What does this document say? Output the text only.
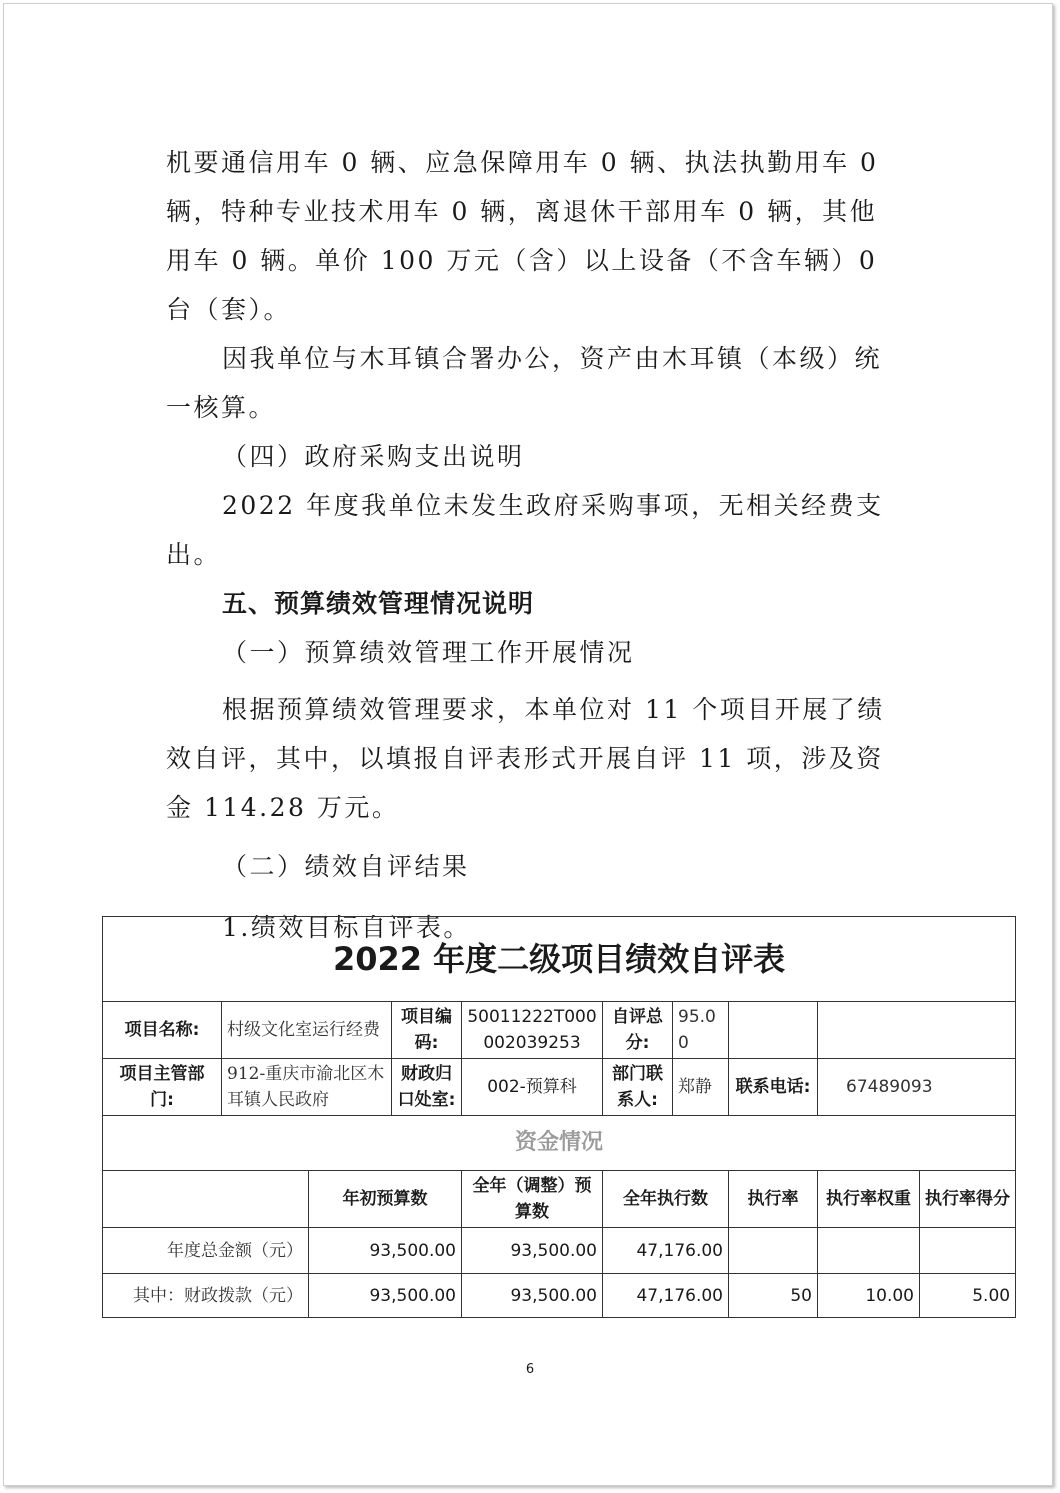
机要通信用车 0 辆、应急保障用车 0 辆、执法执勤用车 0 辆，特种专业技术用车 0 辆，离退休干部用车 0 辆，其他用车 0 辆。单价 100 万元（含）以上设备（不含车辆）0 台（套）。

因我单位与木耳镇合署办公，资产由木耳镇（本级）统一核算。

（四）政府采购支出说明

2022 年度我单位未发生政府采购事项，无相关经费支出。

五、预算绩效管理情况说明

（一）预算绩效管理工作开展情况

根据预算绩效管理要求，本单位对 11 个项目开展了绩效自评，其中，以填报自评表形式开展自评 11 项，涉及资金 114.28 万元。

（二）绩效自评结果

1.绩效目标自评表。

2022 年度二级项目绩效自评表									
项目名称:	村级文化室运行经费		项目编码:	50011222T000002039253	自评总分:	95.00			
项目主管部门:	912-重庆市渝北区木耳镇人民政府		财政归口处室:	002-预算科	部门联系人:	郑静	联系电话:	67489093	
资金情况									
		年初预算数		全年（调整）预算数	全年执行数		执行率	执行率权重	执行率得分
年度总金额（元）		93,500.00		93,500.00	47,176.00				
其中：财政拨款（元）		93,500.00		93,500.00	47,176.00		50	10.00	5.00
6
